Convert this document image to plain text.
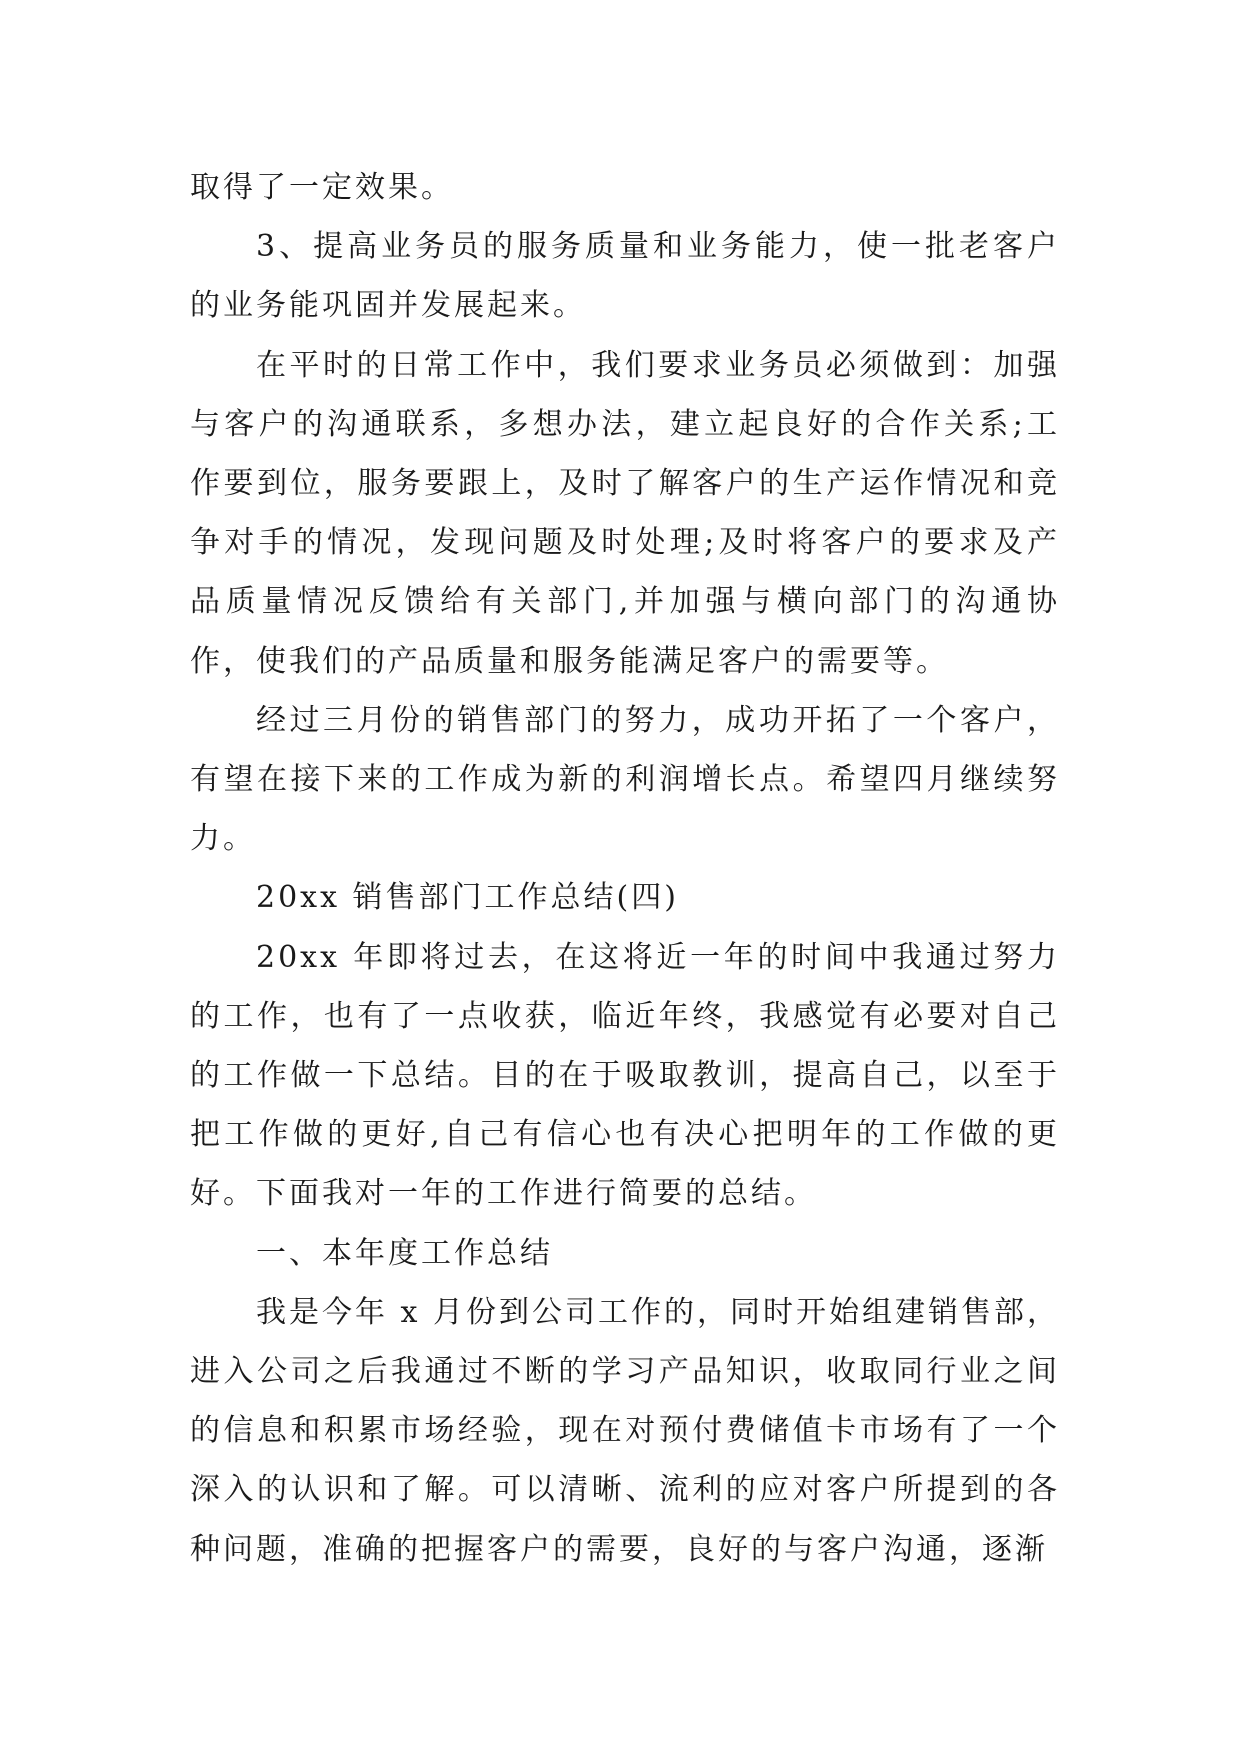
取得了一定效果。

3、提高业务员的服务质量和业务能力，使一批老客户的业务能巩固并发展起来。

在平时的日常工作中，我们要求业务员必须做到：加强与客户的沟通联系，多想办法，建立起良好的合作关系;工作要到位，服务要跟上，及时了解客户的生产运作情况和竞争对手的情况，发现问题及时处理;及时将客户的要求及产品质量情况反馈给有关部门,并加强与横向部门的沟通协作，使我们的产品质量和服务能满足客户的需要等。

经过三月份的销售部门的努力，成功开拓了一个客户，有望在接下来的工作成为新的利润增长点。希望四月继续努力。

20xx 销售部门工作总结(四)

20xx 年即将过去，在这将近一年的时间中我通过努力的工作，也有了一点收获，临近年终，我感觉有必要对自己的工作做一下总结。目的在于吸取教训，提高自己，以至于把工作做的更好,自己有信心也有决心把明年的工作做的更好。下面我对一年的工作进行简要的总结。

一、本年度工作总结

我是今年 x 月份到公司工作的，同时开始组建销售部，进入公司之后我通过不断的学习产品知识，收取同行业之间的信息和积累市场经验，现在对预付费储值卡市场有了一个深入的认识和了解。可以清晰、流利的应对客户所提到的各种问题，准确的把握客户的需要，良好的与客户沟通，逐渐
